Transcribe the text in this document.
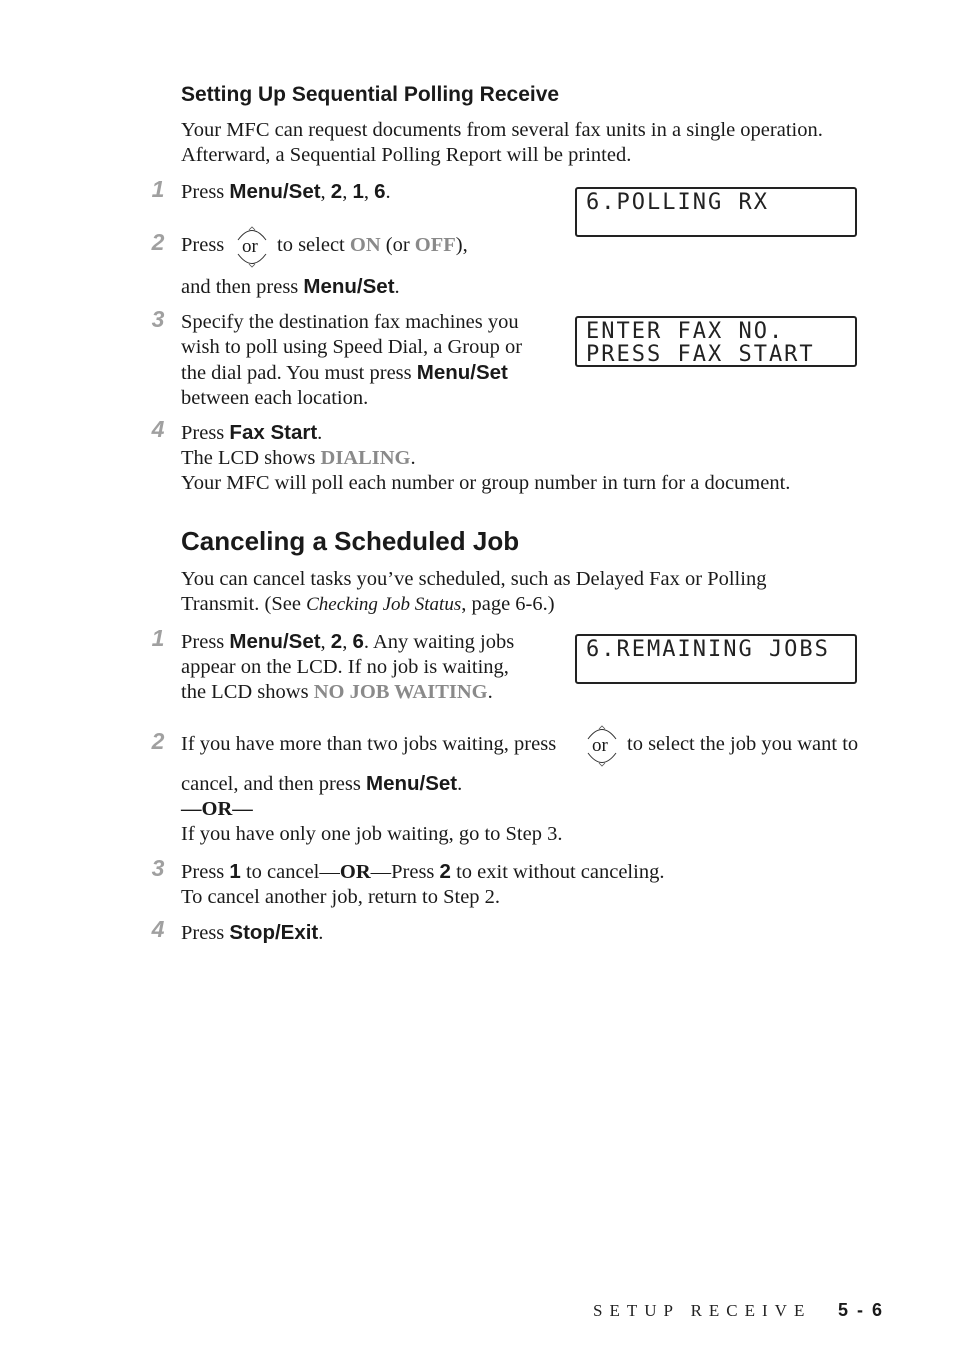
Setting Up Sequential Polling Receive
Your MFC can request documents from several fax units in a single operation.
Afterward, a Sequential Polling Report will be printed.
1 Press Menu/Set, 2, 1, 6.	6.POLLING RX
2 Press or to select ON (or OFF),
and then press Menu/Set.
3 Specify the destination fax machines you
wish to poll using Speed Dial, a Group or
the dial pad. You must press Menu/Set
between each location.
ENTER FAX NO.
PRESS FAX START
4 Press Fax Start.
The LCD shows DIALING.
Your MFC will poll each number or group number in turn for a document.
Canceling a Scheduled Job
You can cancel tasks you’ve scheduled, such as Delayed Fax or Polling
Transmit. (See Checking Job Status, page 6-6.)
1 Press Menu/Set, 2, 6. Any waiting jobs
appear on the LCD. If no job is waiting,
the LCD shows NO JOB WAITING.
6.REMAINING JOBS
2 If you have more than two jobs waiting, press or to select the job you want to
cancel, and then press Menu/Set.
—OR—
If you have only one job waiting, go to Step 3.
3 Press 1 to cancel—OR—Press 2 to exit without canceling.
To cancel another job, return to Step 2.
4 Press Stop/Exit.
SETUP RECEIVE 5 - 6
